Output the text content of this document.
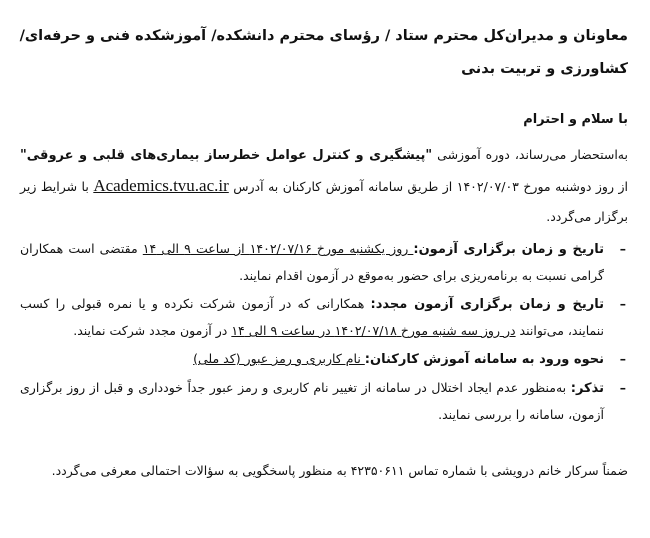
معاونان و مدیران‌کل محترم ستاد / رؤسای محترم دانشکده/ آموزشکده فنی و حرفه‌ای/ کشاورزی و تربیت بدنی
با سلام و احترام

به‌استحضار می‌رساند، دوره آموزشی "پیشگیری و کنترل عوامل خطرساز بیماری‌های قلبی و عروقی" از روز دوشنبه مورخ ۱۴۰۲/۰۷/۰۳ از طریق سامانه آموزش کارکنان به آدرس Academics.tvu.ac.ir با شرایط زیر برگزار می‌گردد.

–
تاریخ و زمان برگزاری آزمون: روز یکشنبه مورخ ۱۴۰۲/۰۷/۱۶ از ساعت ۹ الی ۱۴ مقتضی است همکاران گرامی نسبت به برنامه‌ریزی برای حضور به‌موقع در آزمون اقدام نمایند.
–
تاریخ و زمان برگزاری آزمون مجدد: همکارانی که در آزمون شرکت نکرده و یا نمره قبولی را کسب ننمایند، می‌توانند در روز سه شنبه مورخ ۱۴۰۲/۰۷/۱۸ در ساعت ۹ الی ۱۴ در آزمون مجدد شرکت نمایند.
–
نحوه ورود به سامانه آموزش کارکنان: نام کاربری و رمز عبور (کد ملی)
–
تذکر: به‌منظور عدم ایجاد اختلال در سامانه از تغییر نام کاربری و رمز عبور جداً خودداری و قبل از روز برگزاری آزمون، سامانه را بررسی نمایند.
ضمناً سرکار خانم درویشی با شماره تماس ۴۲۳۵۰۶۱۱ به منظور پاسخگویی به سؤالات احتمالی معرفی می‌گردد.
